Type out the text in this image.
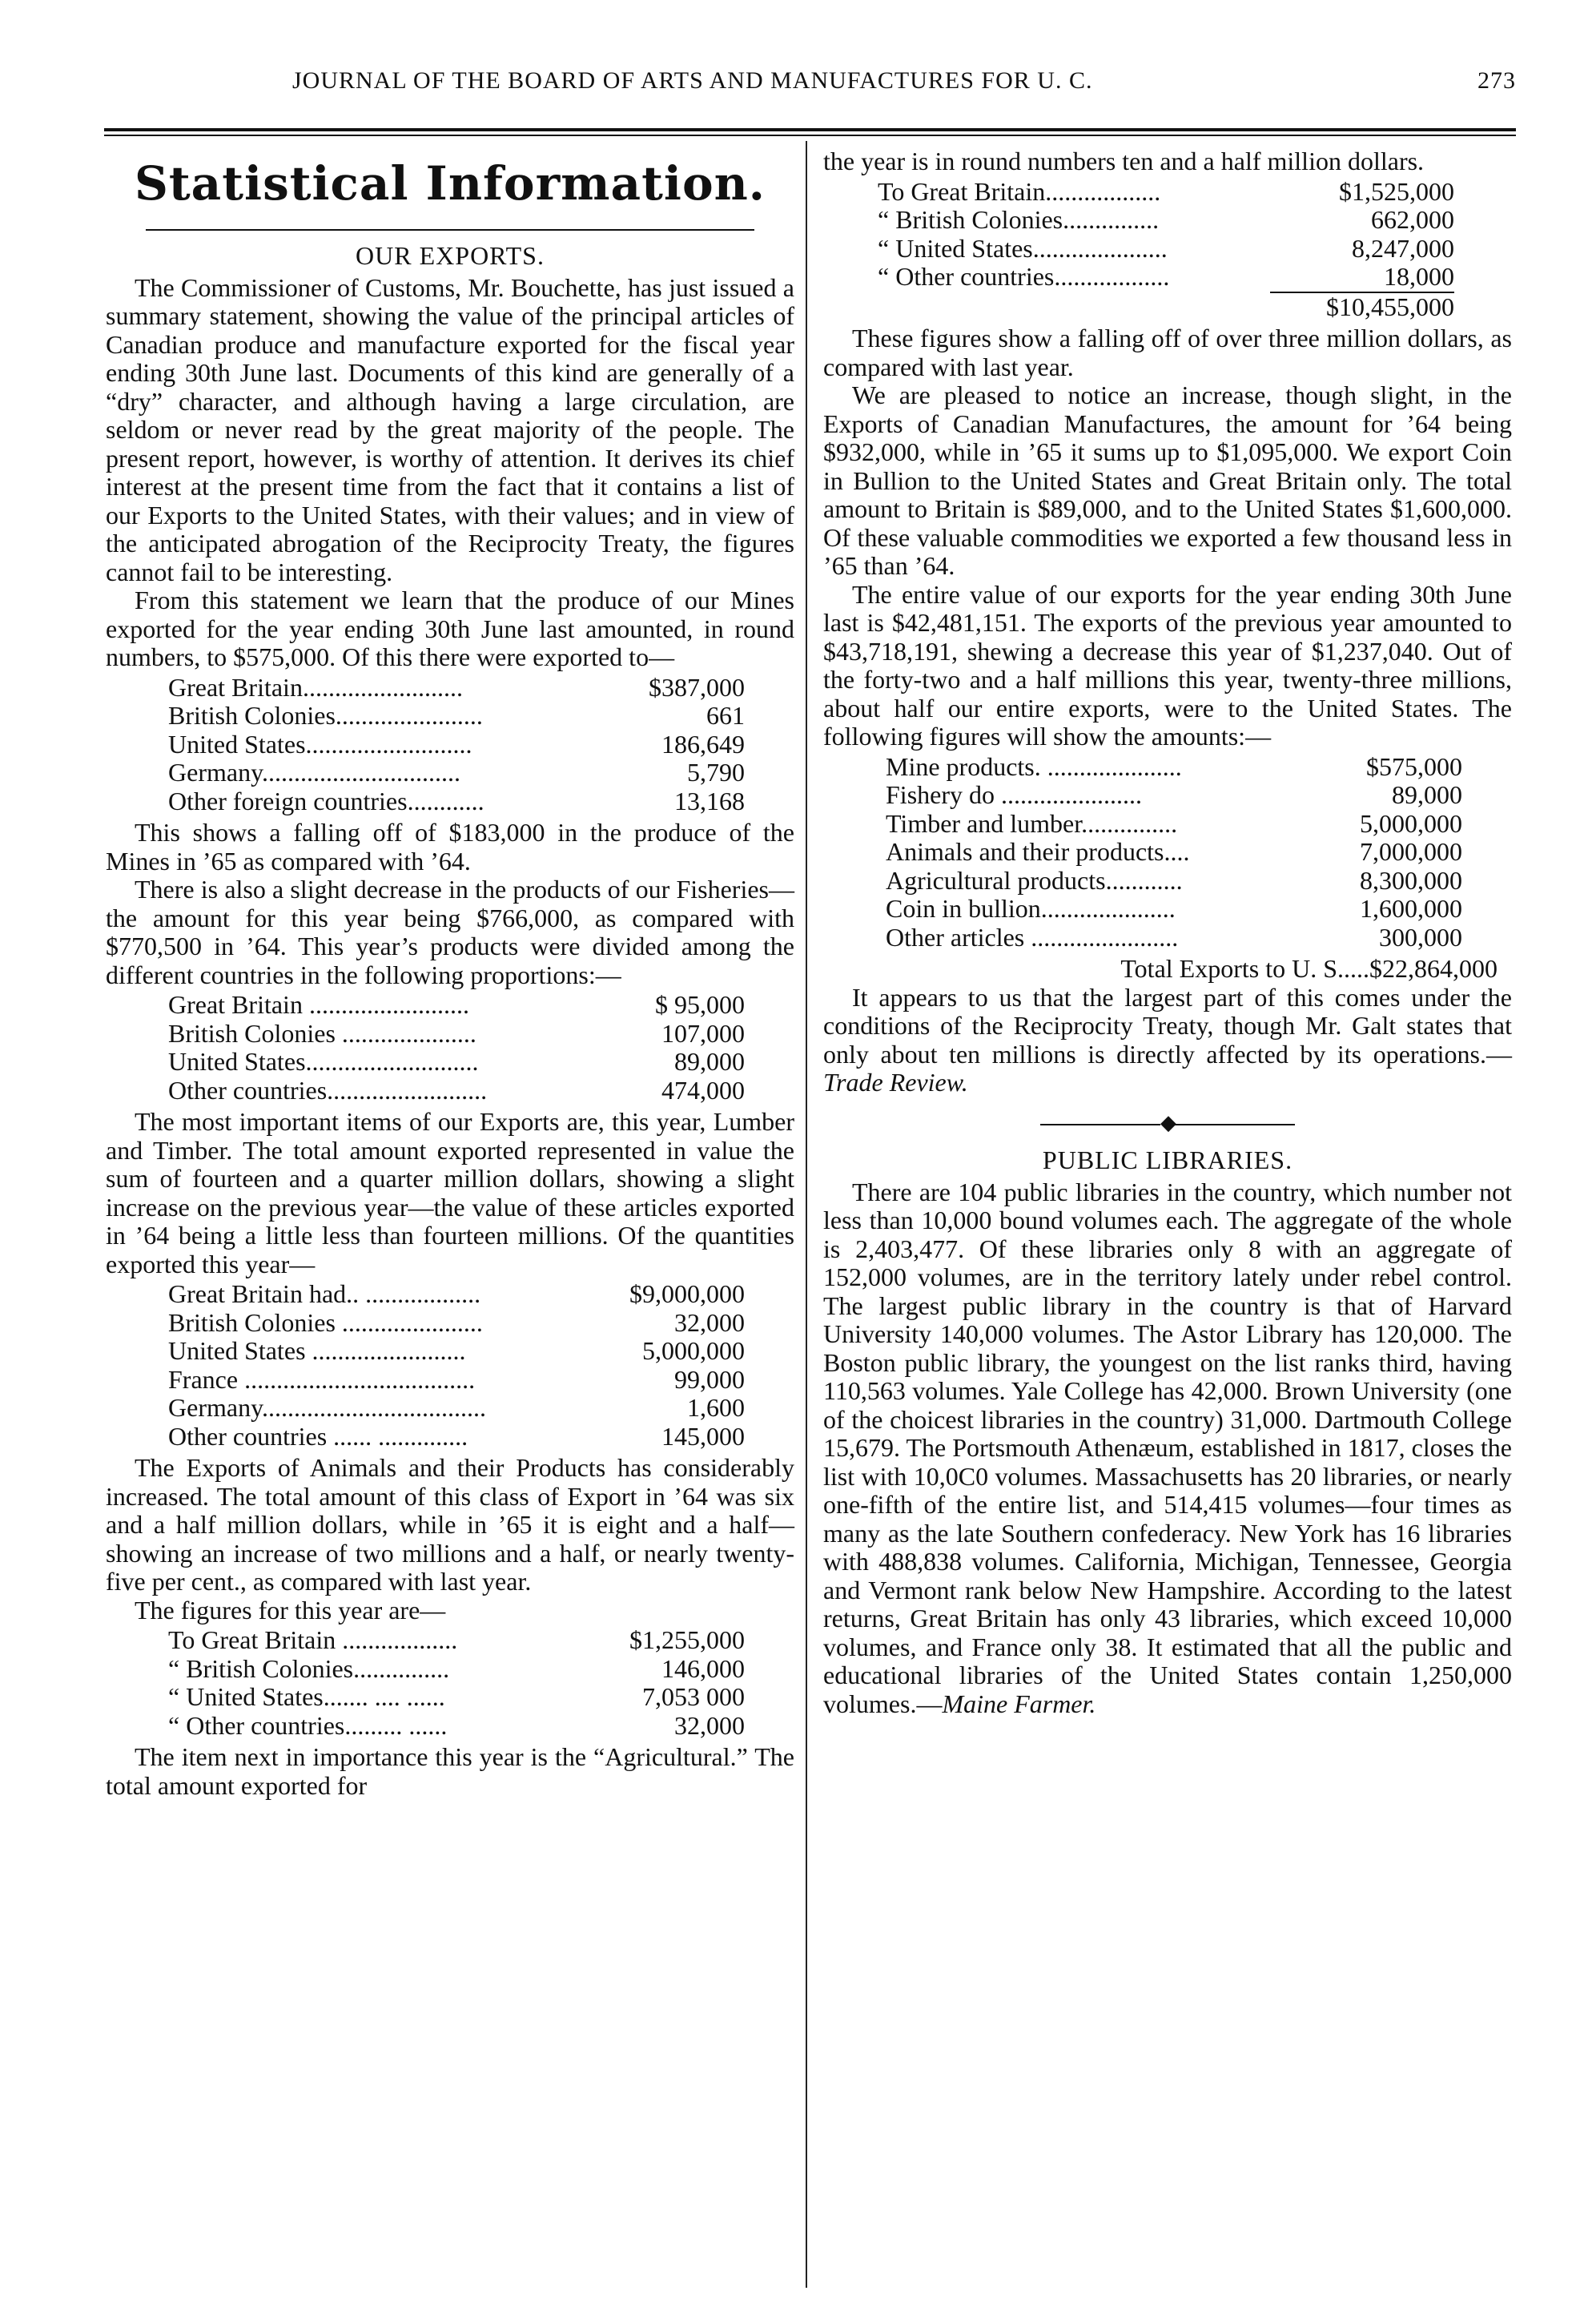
JOURNAL OF THE BOARD OF ARTS AND MANUFACTURES FOR U. C.	273
Statistical Information.
OUR EXPORTS.

The Commissioner of Customs, Mr. Bouchette, has just issued a summary statement, showing the value of the principal articles of Canadian produce and manufacture exported for the fiscal year ending 30th June last. Documents of this kind are generally of a “dry” character, and although having a large circulation, are seldom or never read by the great majority of the people. The present report, however, is worthy of attention. It derives its chief interest at the present time from the fact that it contains a list of our Exports to the United States, with their values; and in view of the anticipated abrogation of the Reciprocity Treaty, the figures cannot fail to be interesting.

From this statement we learn that the produce of our Mines exported for the year ending 30th June last amounted, in round numbers, to $575,000. Of this there were exported to—

Great Britain.........................	$387,000
British Colonies.......................	661
United States..........................	186,649
Germany...............................	5,790
Other foreign countries............	13,168

This shows a falling off of $183,000 in the produce of the Mines in ’65 as compared with ’64.

There is also a slight decrease in the products of our Fisheries—the amount for this year being $766,000, as compared with $770,500 in ’64. This year’s products were divided among the different countries in the following proportions:—

Great Britain .........................	$ 95,000
British Colonies .....................	107,000
United States...........................	89,000
Other countries.........................	474,000

The most important items of our Exports are, this year, Lumber and Timber. The total amount exported represented in value the sum of fourteen and a quarter million dollars, showing a slight increase on the previous year—the value of these articles exported in ’64 being a little less than fourteen millions. Of the quantities exported this year—

Great Britain had.. ..................	$9,000,000
British Colonies ......................	32,000
United States ........................	5,000,000
France ....................................	99,000
Germany...................................	1,600
Other countries ...... ..............	145,000

The Exports of Animals and their Products has considerably increased. The total amount of this class of Export in ’64 was six and a half million dollars, while in ’65 it is eight and a half—showing an increase of two millions and a half, or nearly twenty-five per cent., as compared with last year.

The figures for this year are—

To Great Britain ..................	$1,255,000
“ British Colonies...............	146,000
“ United States....... .... ......	7,053 000
“ Other countries......... ......	32,000

The item next in importance this year is the “Agricultural.” The total amount exported for

the year is in round numbers ten and a half million dollars.

To Great Britain..................	$1,525,000
“ British Colonies...............	662,000
“ United States.....................	8,247,000
“ Other countries..................	18,000

	$10,455,000

These figures show a falling off of over three million dollars, as compared with last year.

We are pleased to notice an increase, though slight, in the Exports of Canadian Manufactures, the amount for ’64 being $932,000, while in ’65 it sums up to $1,095,000. We export Coin in Bullion to the United States and Great Britain only. The total amount to Britain is $89,000, and to the United States $1,600,000. Of these valuable commodities we exported a few thousand less in ’65 than ’64.

The entire value of our exports for the year ending 30th June last is $42,481,151. The exports of the previous year amounted to $43,718,191, shewing a decrease this year of $1,237,040. Out of the forty-two and a half millions this year, twenty-three millions, about half our entire exports, were to the United States. The following figures will show the amounts:—

Mine products. .....................	$575,000
Fishery do ......................	89,000
Timber and lumber...............	5,000,000
Animals and their products....	7,000,000
Agricultural products............	8,300,000
Coin in bullion.....................	1,600,000
Other articles .......................	300,000
Total Exports to U. S.....$22,864,000

It appears to us that the largest part of this comes under the conditions of the Reciprocity Treaty, though Mr. Galt states that only about ten millions is directly affected by its operations.—Trade Review.

◆
PUBLIC LIBRARIES.

There are 104 public libraries in the country, which number not less than 10,000 bound volumes each. The aggregate of the whole is 2,403,477. Of these libraries only 8 with an aggregate of 152,000 volumes, are in the territory lately under rebel control. The largest public library in the country is that of Harvard University 140,000 volumes. The Astor Library has 120,000. The Boston public library, the youngest on the list ranks third, having 110,563 volumes. Yale College has 42,000. Brown University (one of the choicest libraries in the country) 31,000. Dartmouth College 15,679. The Portsmouth Athenæum, established in 1817, closes the list with 10,0C0 volumes. Massachusetts has 20 libraries, or nearly one-fifth of the entire list, and 514,415 volumes—four times as many as the late Southern confederacy. New York has 16 libraries with 488,838 volumes. California, Michigan, Tennessee, Georgia and Vermont rank below New Hampshire. According to the latest returns, Great Britain has only 43 libraries, which exceed 10,000 volumes, and France only 38. It estimated that all the public and educational libraries of the United States contain 1,250,000 volumes.—Maine Farmer.
